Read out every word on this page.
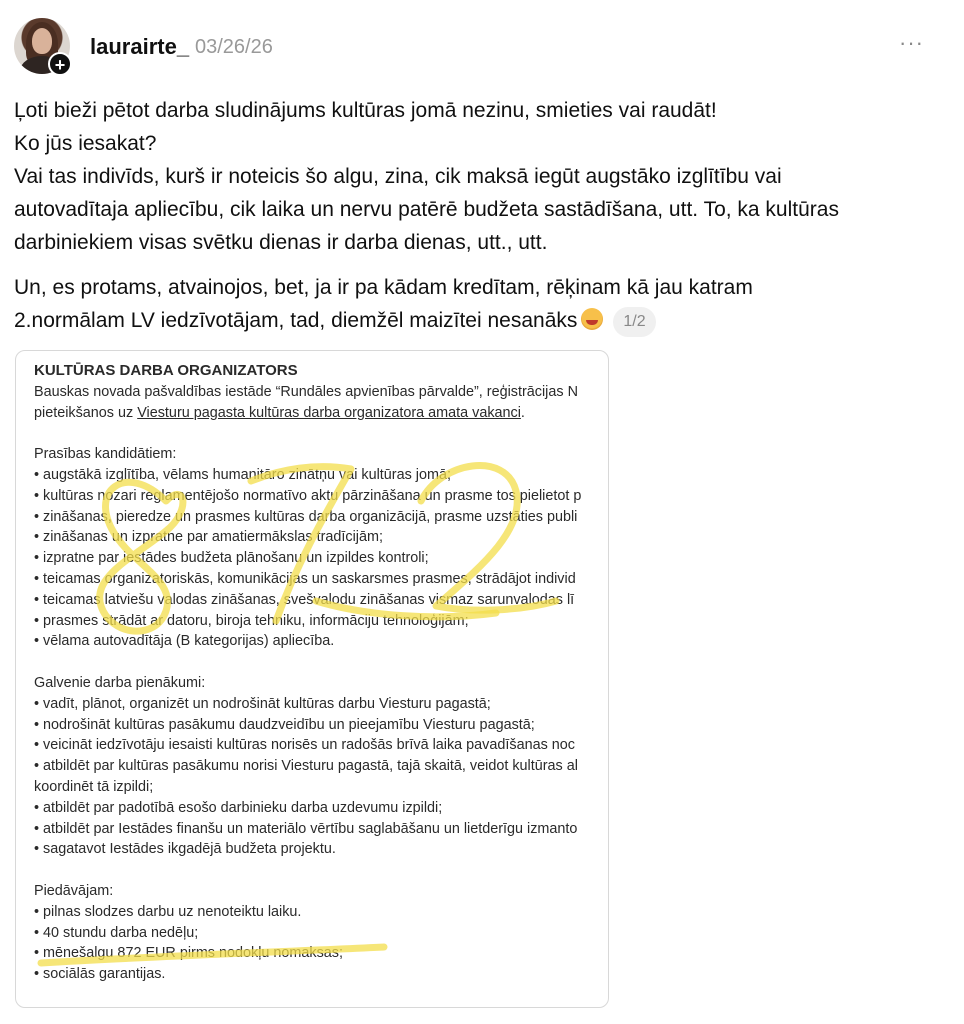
+
laurairte_ 03/26/26	···

Ļoti bieži pētot darba sludinājums kultūras jomā nezinu, smieties vai raudāt!

Ko jūs iesakat?

Vai tas indivīds, kurš ir noteicis šo algu, zina, cik maksā iegūt augstāko izglītību vai

autovadītaja apliecību, cik laika un nervu patērē budžeta sastādīšana, utt. To, ka kultūras

darbiniekiem visas svētku dienas ir darba dienas, utt., utt.

Un, es protams, atvainojos, bet, ja ir pa kādam kredītam, rēķinam kā jau katram

2.normālam LV iedzīvotājam, tad, diemžēl maizītei nesanāks	1/2

KULTŪRAS DARBA ORGANIZATORS
Bauskas novada pašvaldības iestāde “Rundāles apvienības pārvalde”, reģistrācijas N
pieteikšanos uz Viesturu pagasta kultūras darba organizatora amata vakanci.
Prasības kandidātiem:
• augstākā izglītība, vēlams humanitāro zinātņu vai kultūras jomā;
• kultūras nozari reglamentējošo normatīvo aktu pārzināšana un prasme tos pielietot p
• zināšanas, pieredze un prasmes kultūras darba organizācijā, prasme uzstāties publi
• zināšanas un izpratne par amatiermākslas tradīcijām;
• izpratne par iestādes budžeta plānošanu un izpildes kontroli;
• teicamas organizatoriskās, komunikācijas un saskarsmes prasmes, strādājot individ
• teicamas latviešu valodas zināšanas, svešvalodu zināšanas vismaz sarunvalodas lī
• prasmes strādāt ar datoru, biroja tehniku, informāciju tehnoloģijām;
• vēlama autovadītāja (B kategorijas) apliecība.
Galvenie darba pienākumi:
• vadīt, plānot, organizēt un nodrošināt kultūras darbu Viesturu pagastā;
• nodrošināt kultūras pasākumu daudzveidību un pieejamību Viesturu pagastā;
• veicināt iedzīvotāju iesaisti kultūras norisēs un radošās brīvā laika pavadīšanas noc
• atbildēt par kultūras pasākumu norisi Viesturu pagastā, tajā skaitā, veidot kultūras al
koordinēt tā izpildi;
• atbildēt par padotībā esošo darbinieku darba uzdevumu izpildi;
• atbildēt par Iestādes finanšu un materiālo vērtību saglabāšanu un lietderīgu izmanto
• sagatavot Iestādes ikgadējā budžeta projektu.
Piedāvājam:
• pilnas slodzes darbu uz nenoteiktu laiku.
• 40 stundu darba nedēļu;
• mēnešalgu 872 EUR pirms nodokļu nomaksas;
• sociālās garantijas.
